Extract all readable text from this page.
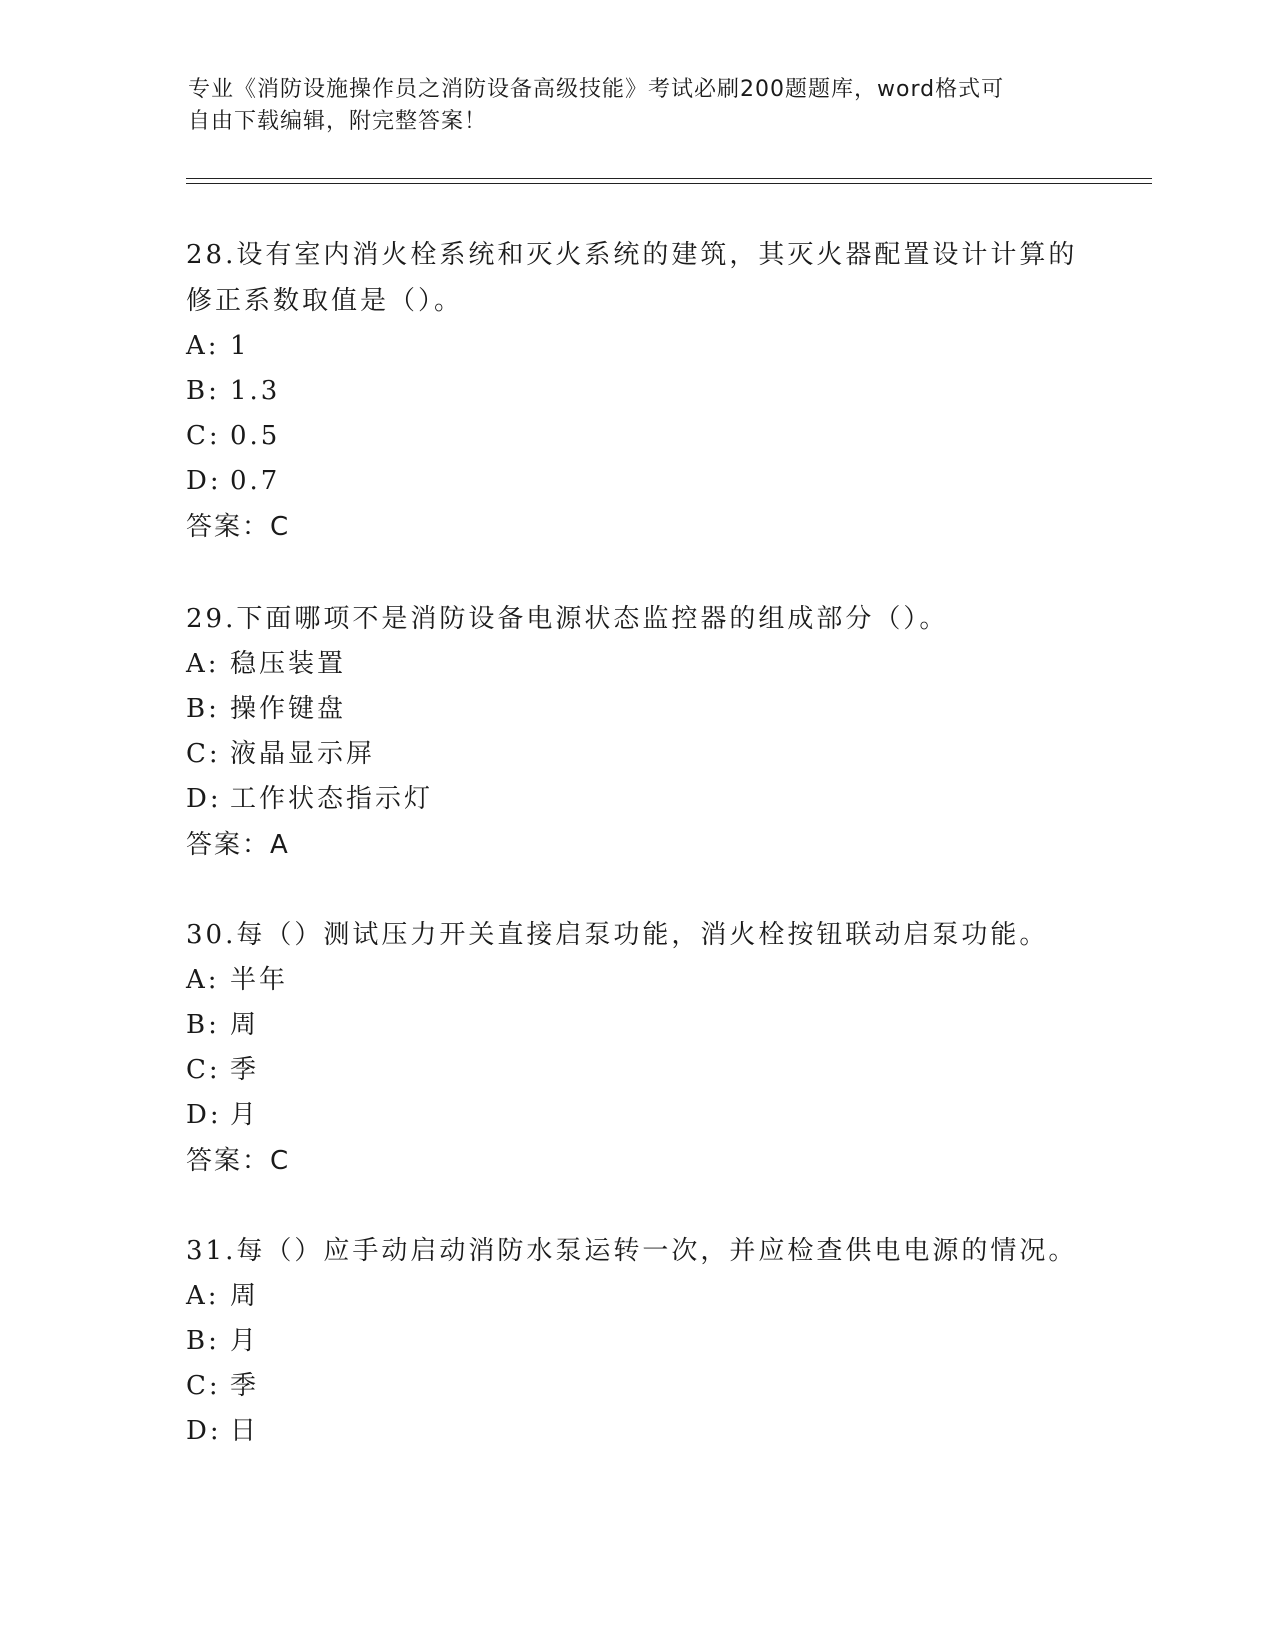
专业《消防设施操作员之消防设备高级技能》考试必刷200题题库，word格式可
自由下载编辑，附完整答案！

28.设有室内消火栓系统和灭火系统的建筑，其灭火器配置设计计算的

修正系数取值是（）。

A: 1

B: 1.3

C: 0.5

D: 0.7

答案：C

29.下面哪项不是消防设备电源状态监控器的组成部分（）。

A: 稳压装置

B: 操作键盘

C: 液晶显示屏

D: 工作状态指示灯

答案：A

30.每（）测试压力开关直接启泵功能，消火栓按钮联动启泵功能。

A: 半年

B: 周

C: 季

D: 月

答案：C

31.每（）应手动启动消防水泵运转一次，并应检查供电电源的情况。

A: 周

B: 月

C: 季

D: 日
